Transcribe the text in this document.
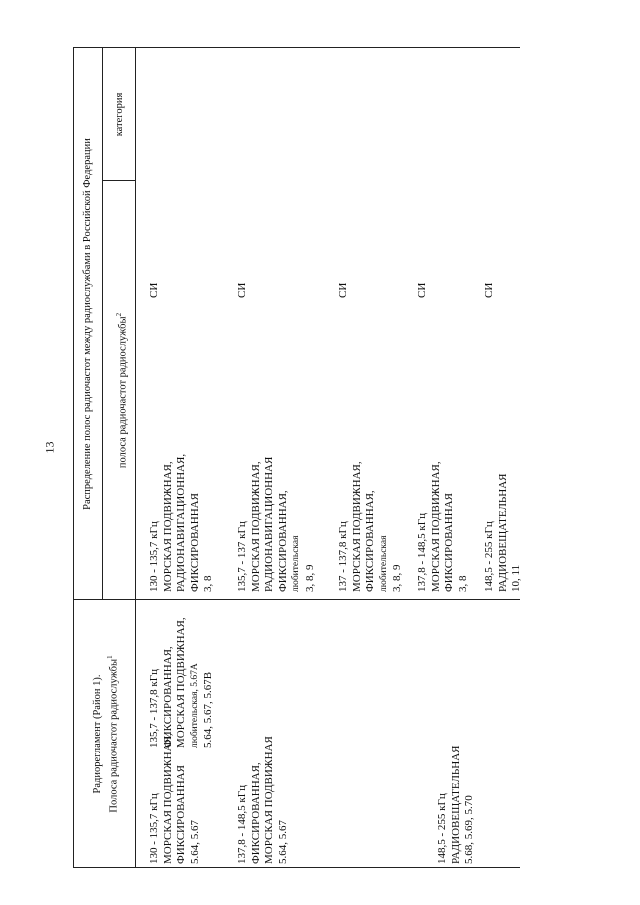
13
Радиорегламент (Район 1). Полоса радиочастот радиослужбы$^1$
Распределение полос радиочастот между радиослужбами в Российской Федерации	полоса радиочастот радиослужбы$^2$
категория
130 - 135,7 кГц МОРСКАЯ ПОДВИЖНАЯ, ФИКСИРОВАННАЯ 5.64, 5.67
135,7 - 137,8 кГц ФИКСИРОВАННАЯ, МОРСКАЯ ПОДВИЖНАЯ, любительская, 5.67А 5.64, 5.67, 5.67В
137,8 - 148,5 кГц ФИКСИРОВАННАЯ, МОРСКАЯ ПОДВИЖНАЯ 5.64, 5.67	148,5 - 255 кГц РАДИОВЕЩАТЕЛЬНАЯ 5.68, 5.69, 5.70
130 - 135,7 кГц МОРСКАЯ ПОДВИЖНАЯ, РАДИОНАВИГАЦИОННАЯ, ФИКСИРОВАННАЯ 3, 8
СИ
135,7 - 137 кГц МОРСКАЯ ПОДВИЖНАЯ, РАДИОНАВИГАЦИОННАЯ ФИКСИРОВАННАЯ, любительская 3, 8, 9
СИ
137 - 137,8 кГц МОРСКАЯ ПОДВИЖНАЯ, ФИКСИРОВАННАЯ, любительская 3, 8, 9
СИ
137,8 - 148,5 кГц МОРСКАЯ ПОДВИЖНАЯ, ФИКСИРОВАННАЯ 3, 8
СИ
148,5 - 255 кГц РАДИОВЕЩАТЕЛЬНАЯ 10, 11
СИ
